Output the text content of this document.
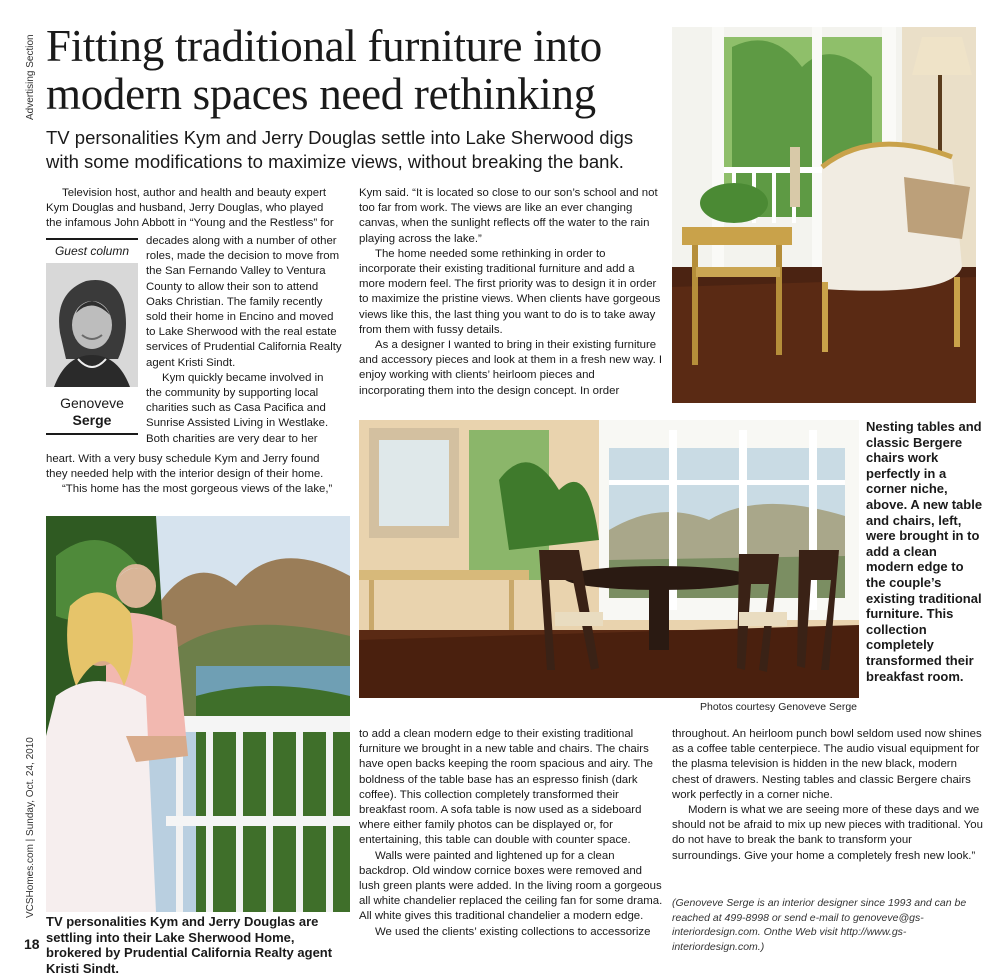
Advertising Section
VCSHomes.com | Sunday, Oct. 24, 2010
18
Fitting traditional furniture into modern spaces need rethinking

TV personalities Kym and Jerry Douglas settle into Lake Sherwood digs with some modifications to maximize views, without breaking the bank.

Television host, author and health and beauty expert Kym Douglas and husband, Jerry Douglas, who played the infamous John Abbott in “Young and the Restless” for

Guest column
Genoveve
Serge

decades along with a number of other roles, made the decision to move from the San Fernando Valley to Ventura County to allow their son to attend Oaks Christian. The family recently sold their home in Encino and moved to Lake Sherwood with the real estate services of Prudential California Realty agent Kristi Sindt.

Kym quickly became involved in the community by supporting local charities such as Casa Pacifica and Sunrise Assisted Living in Westlake. Both charities are very dear to her

heart. With a very busy schedule Kym and Jerry found they needed help with the interior design of their home.

“This home has the most gorgeous views of the lake,”

Kym said. “It is located so close to our son’s school and not too far from work. The views are like an ever changing canvas, when the sunlight reflects off the water to the rain playing across the lake.”

The home needed some rethinking in order to incorporate their existing traditional furniture and add a more modern feel. The first priority was to design it in order to maximize the pristine views. When clients have gorgeous views like this, the last thing you want to do is to take away from them with fussy details.

As a designer I wanted to bring in their existing furniture and accessory pieces and look at them in a fresh new way. I enjoy working with clients’ heirloom pieces and incorporating them into the design concept. In order

Nesting tables and classic Bergere chairs work perfectly in a corner niche, above. A new table and chairs, left, were brought in to add a clean modern edge to the couple’s existing traditional furniture. This collection completely transformed their breakfast room.
Photos courtesy Genoveve Serge
TV personalities Kym and Jerry Douglas are settling into their Lake Sherwood Home, brokered by Prudential California Realty agent Kristi Sindt.

to add a clean modern edge to their existing traditional furniture we brought in a new table and chairs. The chairs have open backs keeping the room spacious and airy. The boldness of the table base has an espresso finish (dark coffee). This collection completely transformed their breakfast room. A sofa table is now used as a sideboard where either family photos can be displayed or, for entertaining, this table can double with counter space.

Walls were painted and lightened up for a clean backdrop. Old window cornice boxes were removed and lush green plants were added. In the living room a gorgeous all white chandelier replaced the ceiling fan for some drama. All white gives this traditional chandelier a modern edge.

We used the clients’ existing collections to accessorize

throughout. An heirloom punch bowl seldom used now shines as a coffee table centerpiece. The audio visual equipment for the plasma television is hidden in the new black, modern chest of drawers. Nesting tables and classic Bergere chairs work perfectly in a corner niche.

Modern is what we are seeing more of these days and we should not be afraid to mix up new pieces with traditional. You do not have to break the bank to transform your surroundings. Give your home a completely fresh new look.”

(Genoveve Serge is an interior designer since 1993 and can be reached at 499-8998 or send e-mail to genoveve@gs-interiordesign.com. Onthe Web visit http://www.gs-interiordesign.com.)
